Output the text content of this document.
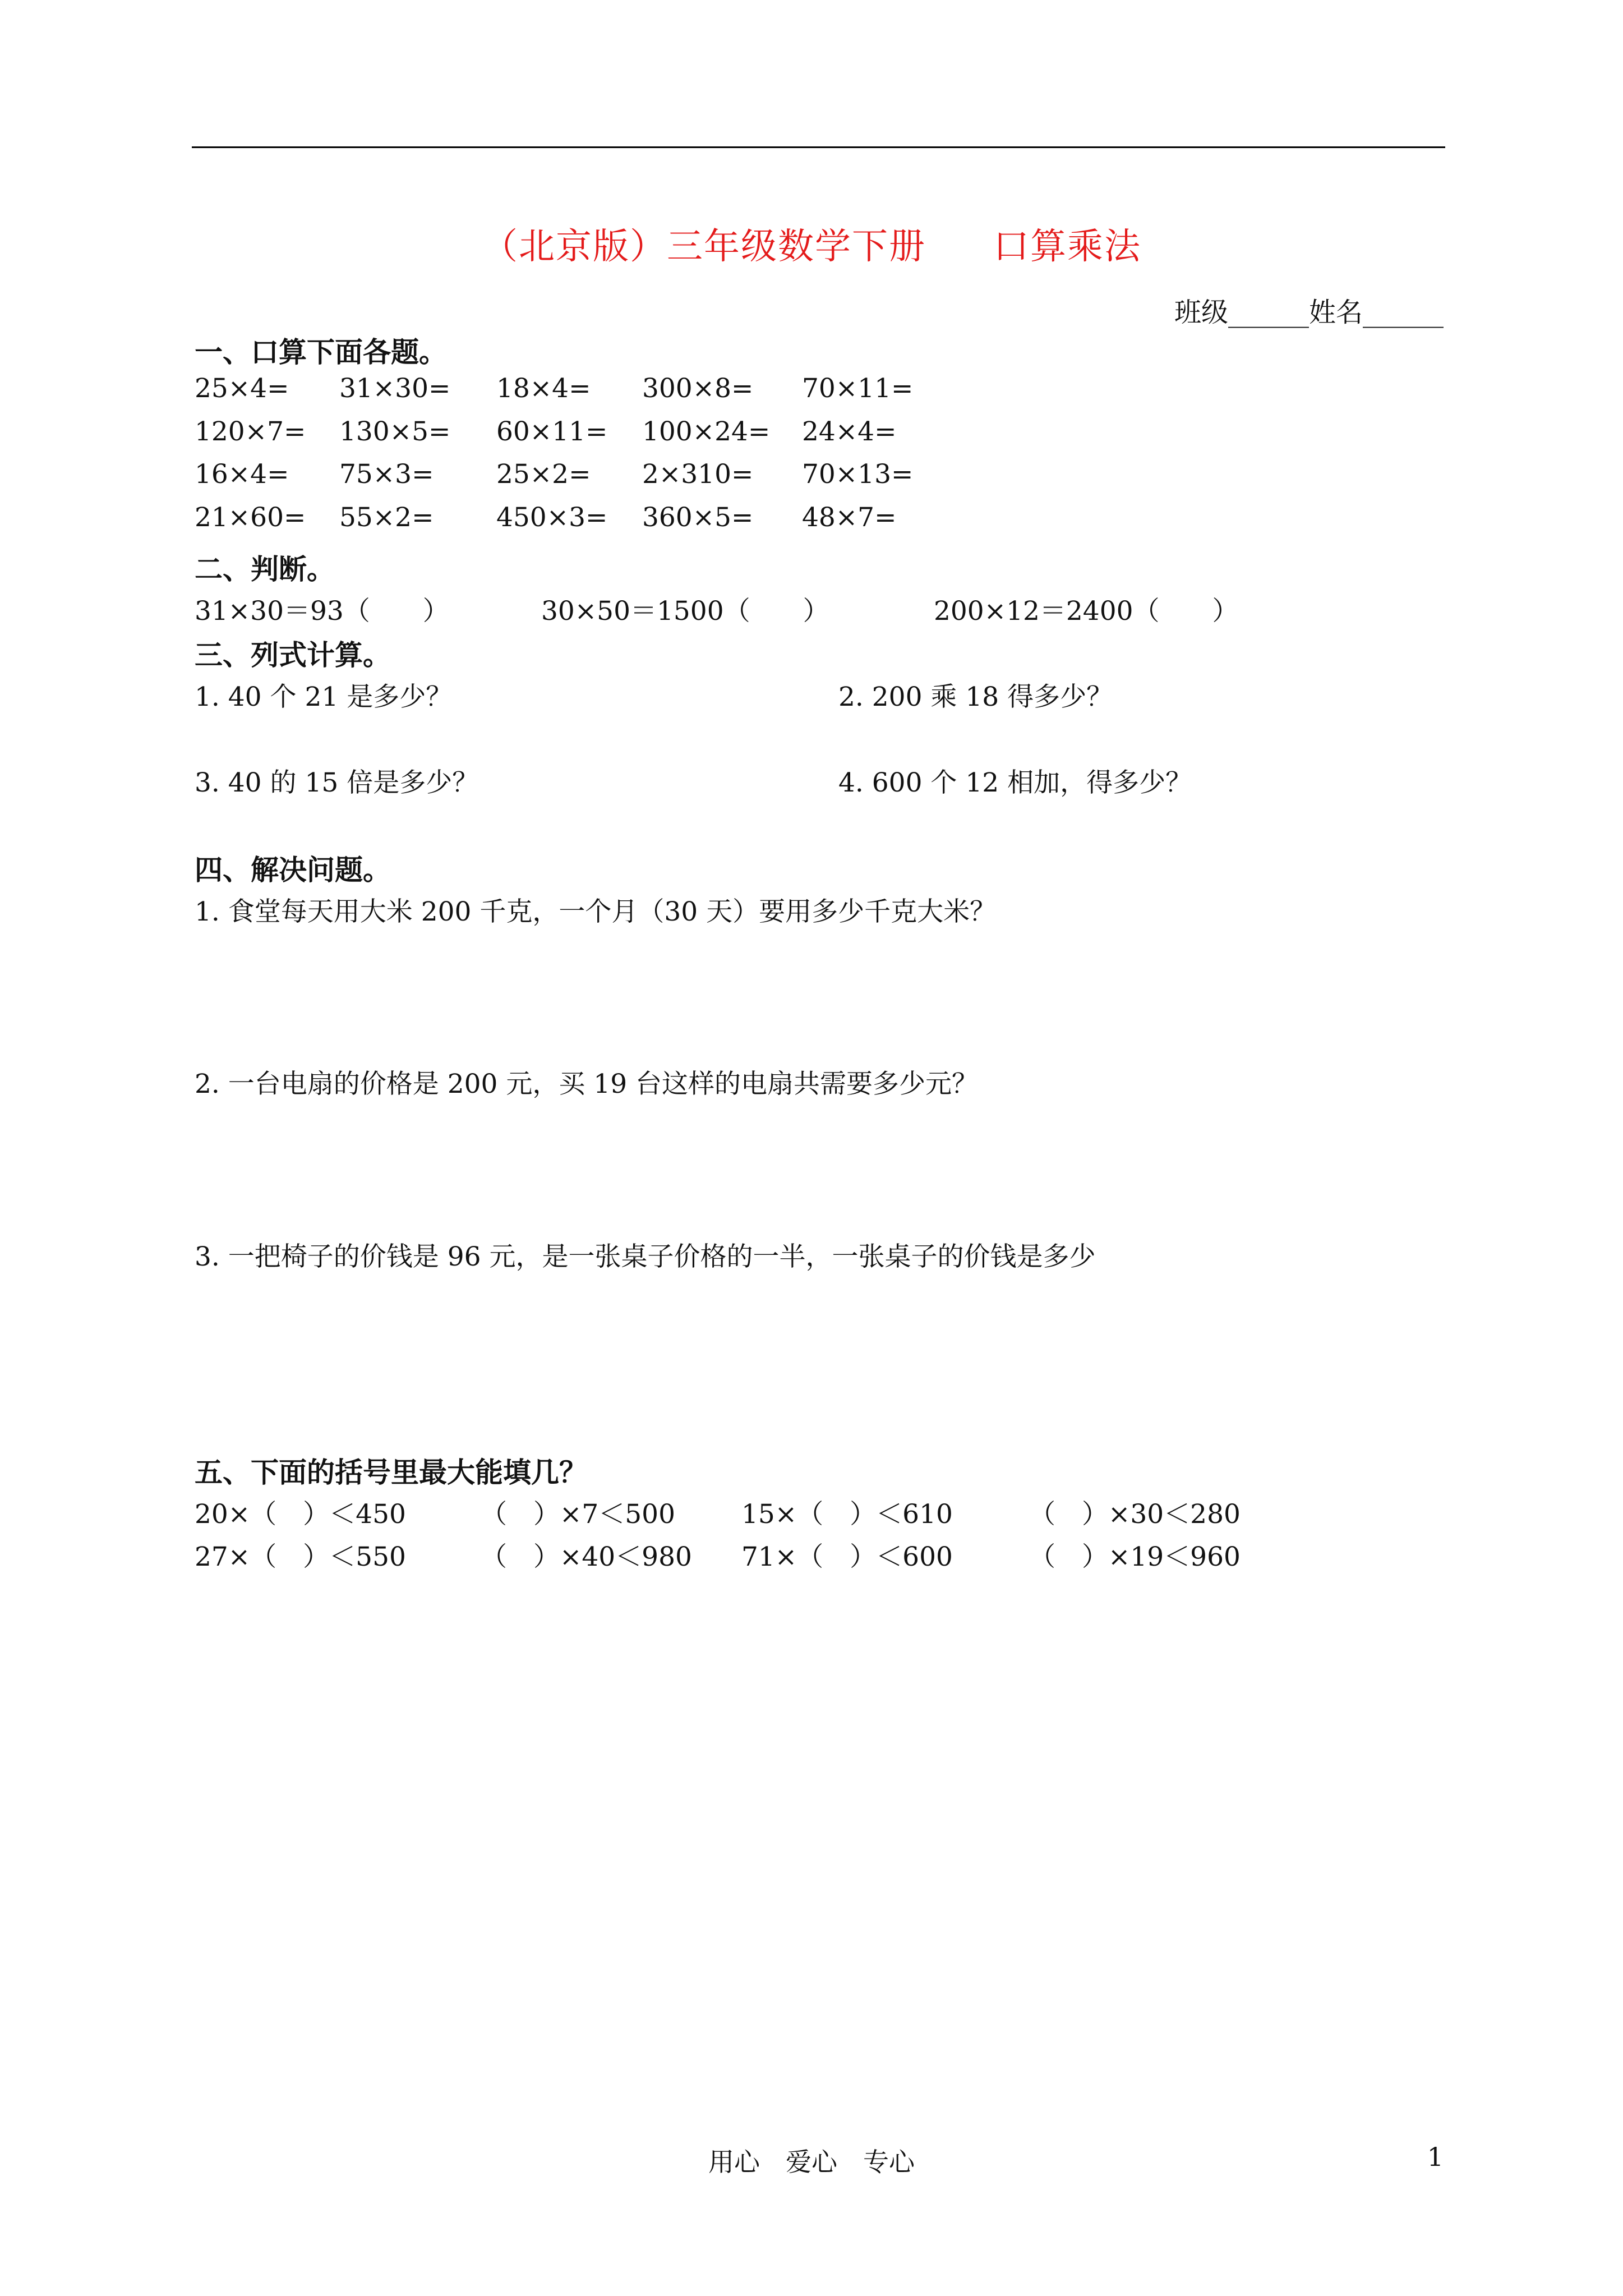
（北京版）三年级数学下册 口算乘法
班级______姓名______
一、口算下面各题。
25×4= 31×30= 18×4= 300×8= 70×11=
120×7= 130×5= 60×11= 100×24= 24×4=
16×4= 75×3= 25×2= 2×310= 70×13=
21×60= 55×2= 450×3= 360×5= 48×7=
二、判断。
31×30＝93（　　）	30×50＝1500（　　）	200×12＝2400（　　）
三、列式计算。
1. 40 个 21 是多少？	2. 200 乘 18 得多少？
3. 40 的 15 倍是多少？	4. 600 个 12 相加，得多少？
四、解决问题。
1. 食堂每天用大米 200 千克，一个月（30 天）要用多少千克大米？
2. 一台电扇的价格是 200 元，买 19 台这样的电扇共需要多少元？
3. 一把椅子的价钱是 96 元，是一张桌子价格的一半，一张桌子的价钱是多少
五、下面的括号里最大能填几？
20×（　）＜450	（　）×7＜500	15×（　）＜610	（　）×30＜280
27×（　）＜550	（　）×40＜980 71×（　）＜600	（　）×19＜960
用心　爱心　专心	1
